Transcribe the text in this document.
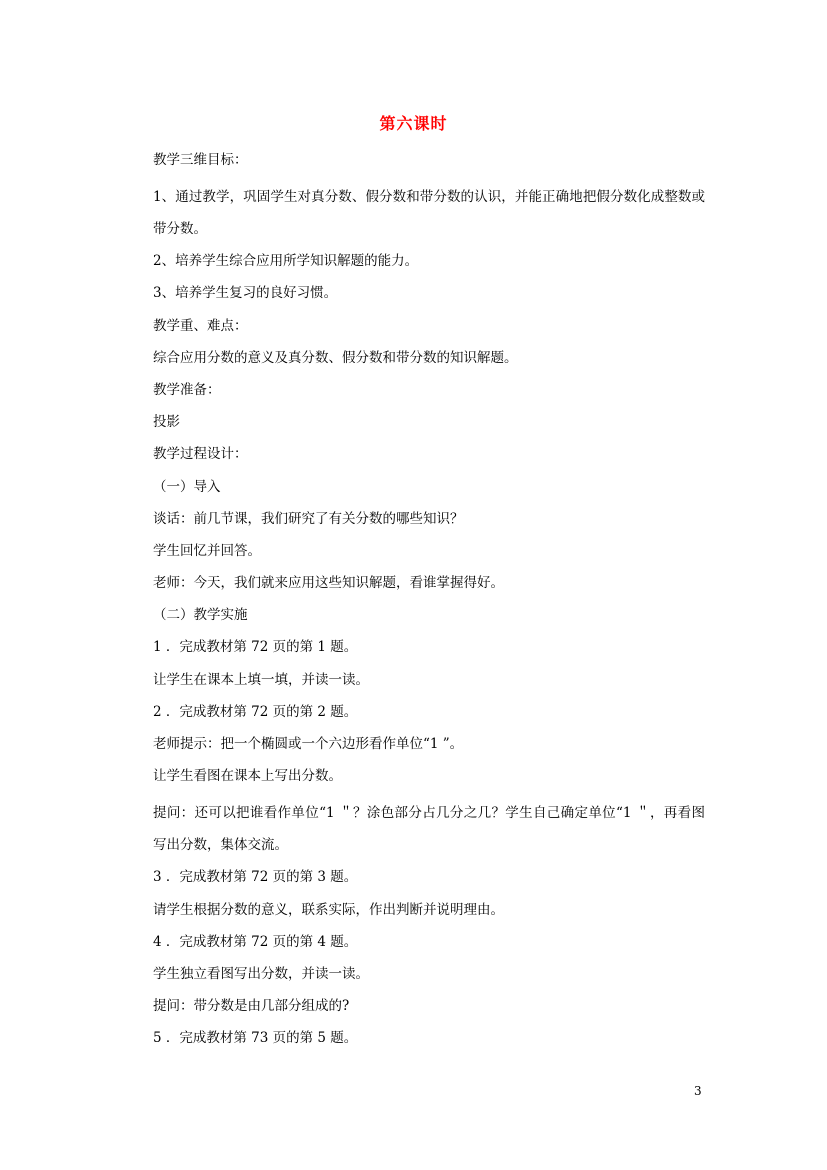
第六课时

教学三维目标：

1、通过教学，巩固学生对真分数、假分数和带分数的认识，并能正确地把假分数化成整数或带分数。

2、培养学生综合应用所学知识解题的能力。

3、培养学生复习的良好习惯。

教学重、难点：

综合应用分数的意义及真分数、假分数和带分数的知识解题。

教学准备：

投影

教学过程设计：

（一）导入

谈话：前几节课，我们研究了有关分数的哪些知识？

学生回忆并回答。

老师：今天，我们就来应用这些知识解题，看谁掌握得好。

（二）教学实施

1 ．完成教材第 72 页的第 1 题。

让学生在课本上填一填，并读一读。

2 ．完成教材第 72 页的第 2 题。

老师提示：把一个椭圆或一个六边形看作单位“1 ”。

让学生看图在课本上写出分数。

提问：还可以把谁看作单位“1 ＂？涂色部分占几分之几？学生自己确定单位“1 ＂，再看图写出分数，集体交流。

3 ．完成教材第 72 页的第 3 题。

请学生根据分数的意义，联系实际，作出判断并说明理由。

4 ．完成教材第 72 页的第 4 题。

学生独立看图写出分数，并读一读。

提问：带分数是由几部分组成的?

5 ．完成教材第 73 页的第 5 题。

3
